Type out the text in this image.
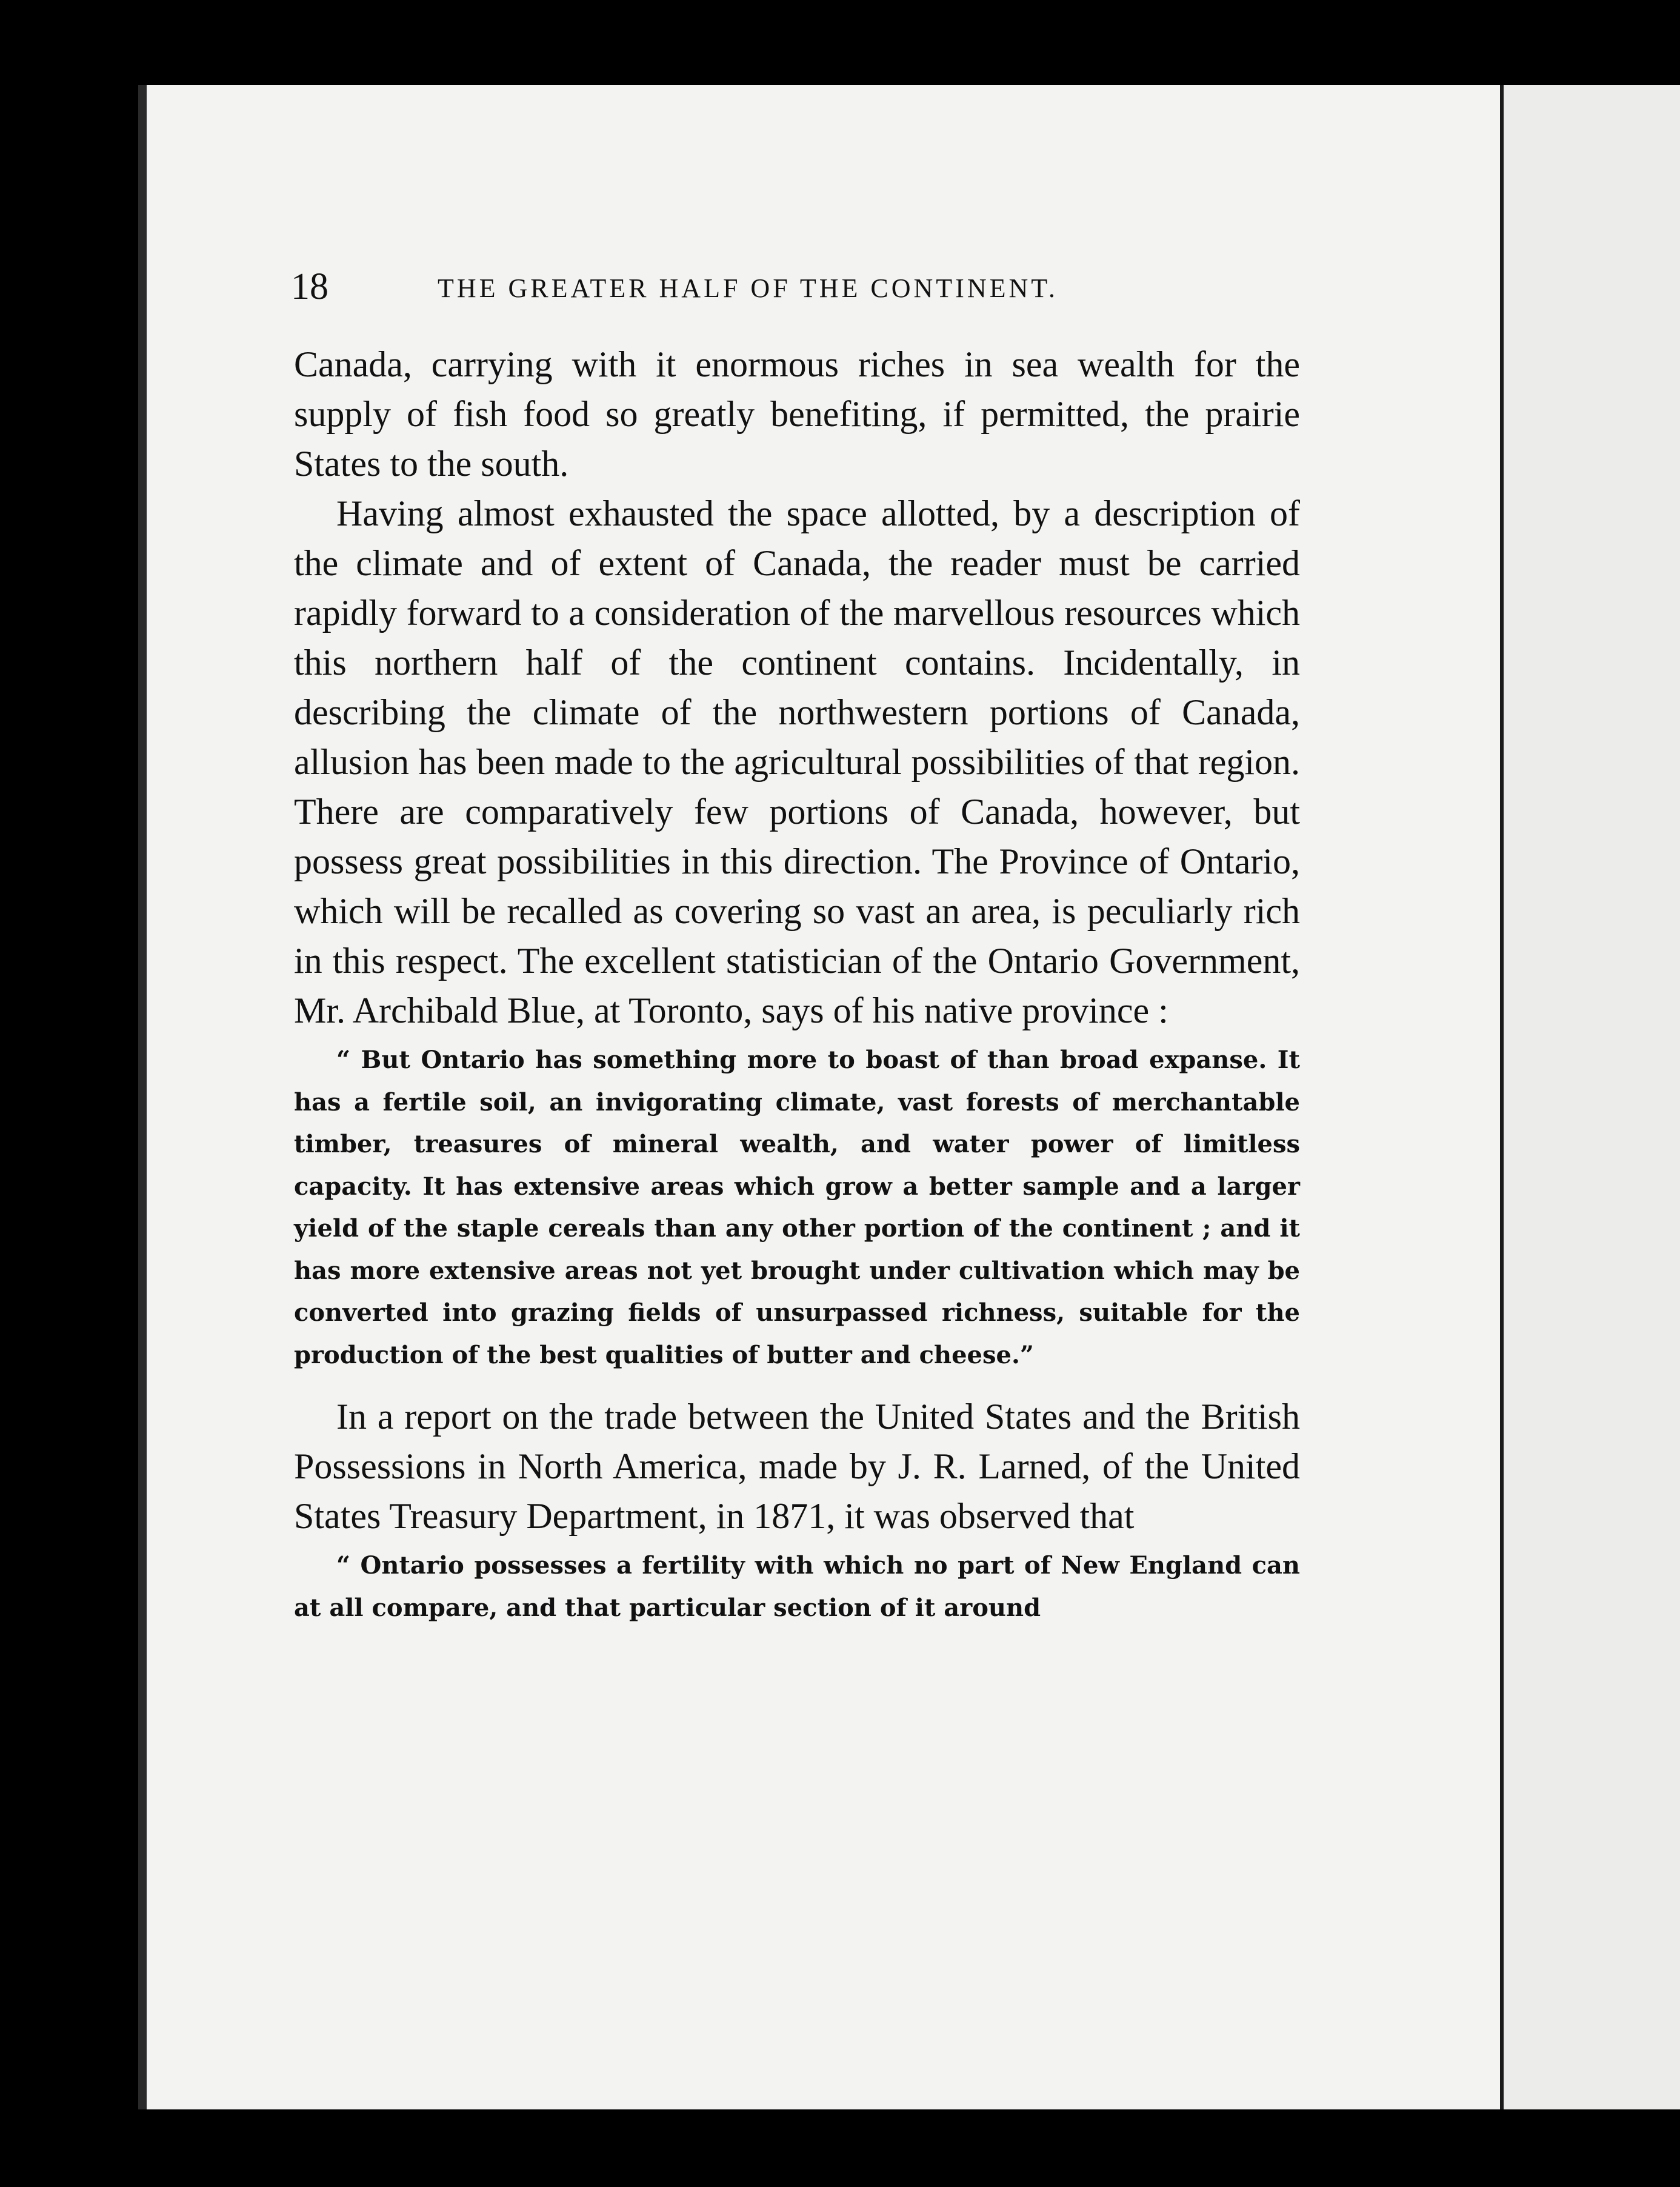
18	THE GREATER HALF OF THE CONTINENT.

Canada, carrying with it enormous riches in sea wealth for the supply of fish food so greatly benefiting, if permitted, the prairie States to the south.

Having almost exhausted the space allotted, by a description of the climate and of extent of Canada, the reader must be carried rapidly forward to a consideration of the marvellous resources which this northern half of the continent contains. Incidentally, in describing the climate of the northwestern portions of Canada, allusion has been made to the agricultural possibilities of that region. There are comparatively few portions of Canada, however, but possess great possibilities in this direction. The Province of Ontario, which will be recalled as covering so vast an area, is peculiarly rich in this respect. The excellent statistician of the Ontario Government, Mr. Archibald Blue, at Toronto, says of his native province :

“ But Ontario has something more to boast of than broad expanse. It has a fertile soil, an invigorating climate, vast forests of merchantable timber, treasures of mineral wealth, and water power of limitless capacity. It has extensive areas which grow a better sample and a larger yield of the staple cereals than any other portion of the continent ; and it has more extensive areas not yet brought under cultivation which may be converted into grazing fields of unsurpassed richness, suitable for the production of the best qualities of butter and cheese.”

In a report on the trade between the United States and the British Possessions in North America, made by J. R. Larned, of the United States Treasury Department, in 1871, it was observed that

“ Ontario possesses a fertility with which no part of New England can at all compare, and that particular section of it around
